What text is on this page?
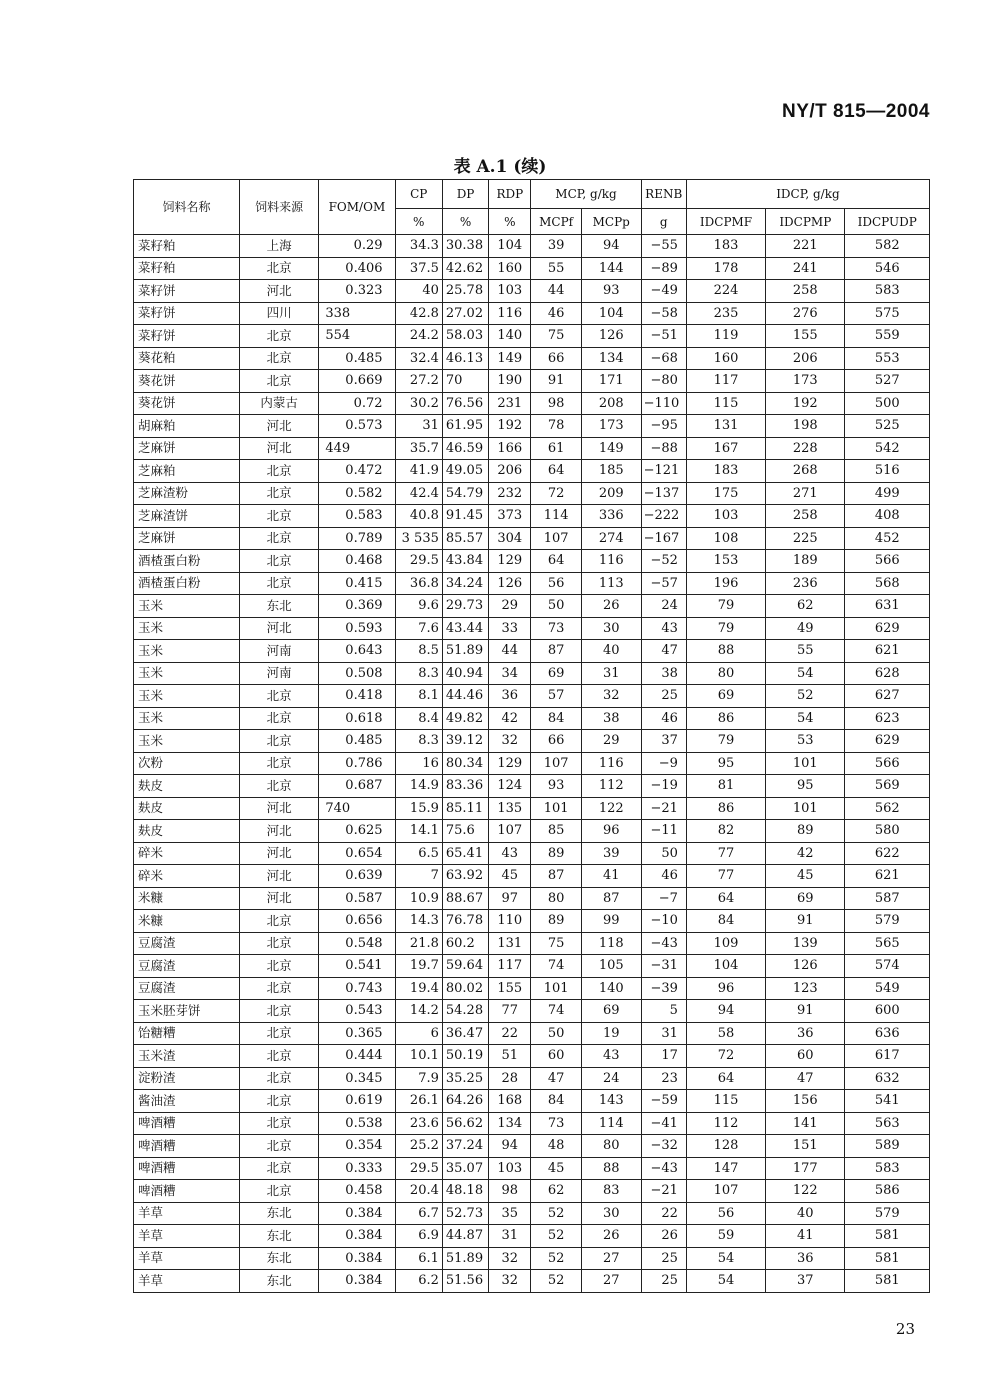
NY/T 815—2004
表 A.1 (续)
饲料名称	饲料来源	FOM/OM	CP	DP	RDP	MCP, g/kg		RENB	IDCP, g/kg		
			%	%	%	MCPf	MCPp	g	IDCPMF	IDCPMP	IDCPUDP
菜籽粕	上海	0.29	34.3	30.38	104	39	94	−55	183	221	582
菜籽粕	北京	0.406	37.5	42.62	160	55	144	−89	178	241	546
菜籽饼	河北	0.323	40	25.78	103	44	93	−49	224	258	583
菜籽饼	四川	338	42.8	27.02	116	46	104	−58	235	276	575
菜籽饼	北京	554	24.2	58.03	140	75	126	−51	119	155	559
葵花粕	北京	0.485	32.4	46.13	149	66	134	−68	160	206	553
葵花饼	北京	0.669	27.2	70	190	91	171	−80	117	173	527
葵花饼	内蒙古	0.72	30.2	76.56	231	98	208	−110	115	192	500
胡麻粕	河北	0.573	31	61.95	192	78	173	−95	131	198	525
芝麻饼	河北	449	35.7	46.59	166	61	149	−88	167	228	542
芝麻粕	北京	0.472	41.9	49.05	206	64	185	−121	183	268	516
芝麻渣粉	北京	0.582	42.4	54.79	232	72	209	−137	175	271	499
芝麻渣饼	北京	0.583	40.8	91.45	373	114	336	−222	103	258	408
芝麻饼	北京	0.789	3 535	85.57	304	107	274	−167	108	225	452
酒楂蛋白粉	北京	0.468	29.5	43.84	129	64	116	−52	153	189	566
酒楂蛋白粉	北京	0.415	36.8	34.24	126	56	113	−57	196	236	568
玉米	东北	0.369	9.6	29.73	29	50	26	24	79	62	631
玉米	河北	0.593	7.6	43.44	33	73	30	43	79	49	629
玉米	河南	0.643	8.5	51.89	44	87	40	47	88	55	621
玉米	河南	0.508	8.3	40.94	34	69	31	38	80	54	628
玉米	北京	0.418	8.1	44.46	36	57	32	25	69	52	627
玉米	北京	0.618	8.4	49.82	42	84	38	46	86	54	623
玉米	北京	0.485	8.3	39.12	32	66	29	37	79	53	629
次粉	北京	0.786	16	80.34	129	107	116	−9	95	101	566
麸皮	北京	0.687	14.9	83.36	124	93	112	−19	81	95	569
麸皮	河北	740	15.9	85.11	135	101	122	−21	86	101	562
麸皮	河北	0.625	14.1	75.6	107	85	96	−11	82	89	580
碎米	河北	0.654	6.5	65.41	43	89	39	50	77	42	622
碎米	河北	0.639	7	63.92	45	87	41	46	77	45	621
米糠	河北	0.587	10.9	88.67	97	80	87	−7	64	69	587
米糠	北京	0.656	14.3	76.78	110	89	99	−10	84	91	579
豆腐渣	北京	0.548	21.8	60.2	131	75	118	−43	109	139	565
豆腐渣	北京	0.541	19.7	59.64	117	74	105	−31	104	126	574
豆腐渣	北京	0.743	19.4	80.02	155	101	140	−39	96	123	549
玉米胚芽饼	北京	0.543	14.2	54.28	77	74	69	5	94	91	600
饴糖糟	北京	0.365	6	36.47	22	50	19	31	58	36	636
玉米渣	北京	0.444	10.1	50.19	51	60	43	17	72	60	617
淀粉渣	北京	0.345	7.9	35.25	28	47	24	23	64	47	632
酱油渣	北京	0.619	26.1	64.26	168	84	143	−59	115	156	541
啤酒糟	北京	0.538	23.6	56.62	134	73	114	−41	112	141	563
啤酒糟	北京	0.354	25.2	37.24	94	48	80	−32	128	151	589
啤酒糟	北京	0.333	29.5	35.07	103	45	88	−43	147	177	583
啤酒糟	北京	0.458	20.4	48.18	98	62	83	−21	107	122	586
羊草	东北	0.384	6.7	52.73	35	52	30	22	56	40	579
羊草	东北	0.384	6.9	44.87	31	52	26	26	59	41	581
羊草	东北	0.384	6.1	51.89	32	52	27	25	54	36	581
羊草	东北	0.384	6.2	51.56	32	52	27	25	54	37	581
23
